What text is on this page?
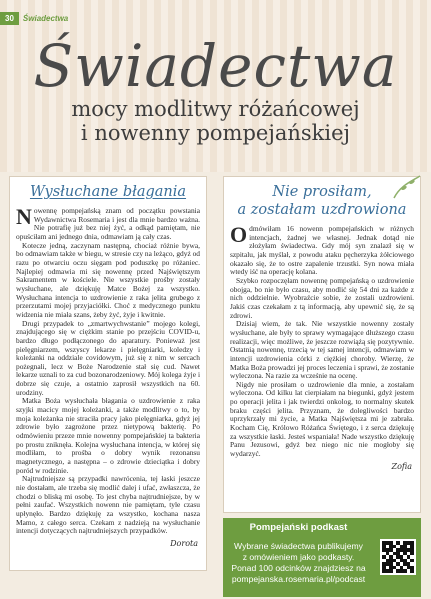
30	Świadectwa
Świadectwa
mocy modlitwy różańcowej
i nowenny pompejańskiej
Wysłuchane błagania

Nowennę pompejańską znam od początku powstania Wydawnictwa Rosemaria i jest dla mnie bardzo ważna. Nie potrafię już bez niej żyć, a odkąd pamiętam, nie opuściłam ani jednego dnia, odmawiam ją cały czas.

Kotecze jedną, zaczynam następną, chociaż różnie bywa, bo odmawiam także w biegu, w stresie czy na leżąco, gdyż od razu po otwarciu oczu sięgam pod poduszkę po różaniec. Najlepiej odmawia mi się nowennę przed Najświętszym Sakramentem w kościele. Nie wszystkie prośby zostały wysłuchane, ale dziękuję Matce Bożej za wszystko. Wysłuchana intencja to uzdrowienie z raka jelita grubego z przerzutami mojej przyjaciółki. Choć z medycznego punktu widzenia nie miała szans, żeby żyć, żyje i kwitnie.

Drugi przypadek to „zmartwychwstanie” mojego kolegi, znajdującego się w ciężkim stanie po przejściu COVID-u, bardzo długo podłączonego do aparatury. Ponieważ jest pielęgniarzem, wszyscy lekarze i pielęgniarki, koledzy i koleżanki na oddziale covidowym, już się z nim w sercach pożegnali, lecz w Boże Narodzenie stał się cud. Nawet lekarze uznali to za cud bozonarodzeniowy. Mój kolega żyje i dobrze się czuje, a ostatnio zaprosił wszystkich na 60. urodziny.

Matka Boża wysłuchała błagania o uzdrowienie z raka szyjki macicy mojej koleżanki, a także modlitwy o to, by moja koleżanka nie straciła pracy jako pielęgniarka, gdyż jej zdrowie było zagrożone przez nietypową bakterię. Po odmówieniu przeze mnie nowenny pompejańskiej ta bakteria po prostu zniknęła. Kolejna wysłuchana intencja, w której się modliłam, to prośba o dobry wynik rezonansu magnetycznego, a następna – o zdrowie dzieciątka i dobry poród w rodzinie.

Najtrudniejsze są przypadki nawrócenia, tej łaski jeszcze nie dostałam, ale trzeba się modlić dalej i ufać, zwłaszcza, że chodzi o bliską mi osobę. To jest chyba najtrudniejsze, by w pełni zaufać. Wszystkich nowenn nie pamiętam, tyle czasu upłynęło. Bardzo dziękuję za wszystko, kochana nasza Mamo, z całego serca. Czekam z nadzieją na wysłuchanie intencji dotyczących najtrudniejszych przypadków.

Dorota
Nie prosiłam,
a zostałam uzdrowiona

Odmówiłam 16 nowenn pompejańskich w różnych intencjach, żadnej we własnej. Jednak dotąd nie złożyłam świadectwa. Gdy mój syn znalazł się w szpitalu, jak myślał, z powodu ataku pęcherzyka żółciowego okazało się, że to ostre zapalenie trzustki. Syn nowa miała wtedy iść na operację kolana.

Szybko rozpoczęłam nowennę pompejańską o uzdrowienie obojga, bo nie było czasu, aby modlić się 54 dni za każde z nich oddzielnie. Wyobraźcie sobie, że zostali uzdrowieni. Jakiś czas czekałam z tą informacją, aby upewnić się, że są zdrowi.

Dzisiaj wiem, że tak. Nie wszystkie nowenny zostały wysłuchane, ale były to sprawy wymagające dłuższego czasu realizacji, więc możliwe, że jeszcze rozwiążą się pozytywnie. Ostatnią nowennę, trzecią w tej samej intencji, odmawiam w intencji uzdrowienia córki z ciężkiej choroby. Wierzę, że Matka Boża prowadzi jej proces leczenia i sprawi, że zostanie wyleczona. Na razie za wcześnie na ocenę.

Nigdy nie prosiłam o uzdrowienie dla mnie, a zostałam wyleczona. Od kilku lat cierpiałam na biegunki, gdyż jestem po operacji jelita i jak twierdzi onkolog, to normalny skutek braku części jelita. Przyznam, że dolegliwości bardzo uprzykrzały mi życie, a Matka Najświętsza mi je zabrała. Kocham Cię, Królowo Różańca Świętego, i z serca dziękuję za wszystkie łaski. Jesteś wspaniała! Nade wszystko dziękuję Panu Jezusowi, gdyż bez niego nic nie mogłoby się wydarzyć.

Zofia
Pompejański podkast
Wybrane świadectwa publikujemy
z omówieniem jako podkasty.
Ponad 100 odcinków znajdziesz na
pompejanska.rosemaria.pl/podcast
